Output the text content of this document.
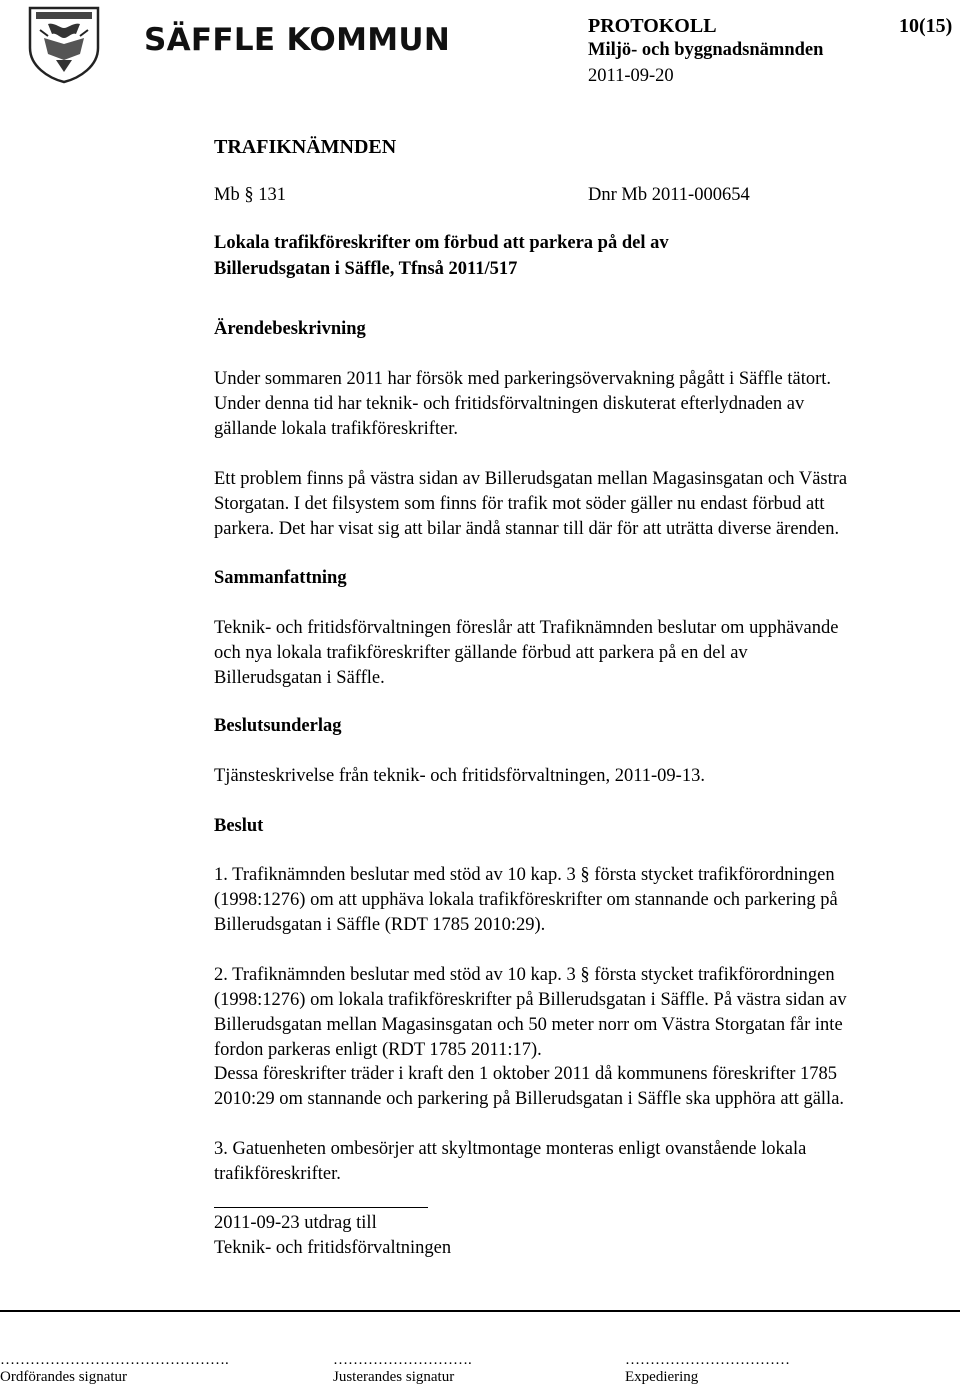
SÄFFLE KOMMUN	PROTOKOLL	10(15)
Miljö- och byggnadsnämnden
2011-09-20
TRAFIKNÄMNDEN
Mb § 131	Dnr Mb 2011-000654
Lokala trafikföreskrifter om förbud att parkera på del av
Billerudsgatan i Säffle, Tfnså 2011/517
Ärendebeskrivning
Under sommaren 2011 har försök med parkeringsövervakning pågått i Säffle tätort.
Under denna tid har teknik- och fritidsförvaltningen diskuterat efterlydnaden av
gällande lokala trafikföreskrifter.
Ett problem finns på västra sidan av Billerudsgatan mellan Magasinsgatan och Västra
Storgatan. I det filsystem som finns för trafik mot söder gäller nu endast förbud att
parkera. Det har visat sig att bilar ändå stannar till där för att uträtta diverse ärenden.
Sammanfattning
Teknik- och fritidsförvaltningen föreslår att Trafiknämnden beslutar om upphävande
och nya lokala trafikföreskrifter gällande förbud att parkera på en del av
Billerudsgatan i Säffle.
Beslutsunderlag
Tjänsteskrivelse från teknik- och fritidsförvaltningen, 2011-09-13.
Beslut
1. Trafiknämnden beslutar med stöd av 10 kap. 3 § första stycket trafikförordningen
(1998:1276) om att upphäva lokala trafikföreskrifter om stannande och parkering på
Billerudsgatan i Säffle (RDT 1785 2010:29).
2. Trafiknämnden beslutar med stöd av 10 kap. 3 § första stycket trafikförordningen
(1998:1276) om lokala trafikföreskrifter på Billerudsgatan i Säffle. På västra sidan av
Billerudsgatan mellan Magasinsgatan och 50 meter norr om Västra Storgatan får inte
fordon parkeras enligt (RDT 1785 2011:17).
Dessa föreskrifter träder i kraft den 1 oktober 2011 då kommunens föreskrifter 1785
2010:29 om stannande och parkering på Billerudsgatan i Säffle ska upphöra att gälla.
3. Gatuenheten ombesörjer att skyltmontage monteras enligt ovanstående lokala
trafikföreskrifter.
2011-09-23 utdrag till
Teknik- och fritidsförvaltningen
……………………………………….	……………………….	……………………………
Ordförandes signatur	Justerandes signatur	Expediering
